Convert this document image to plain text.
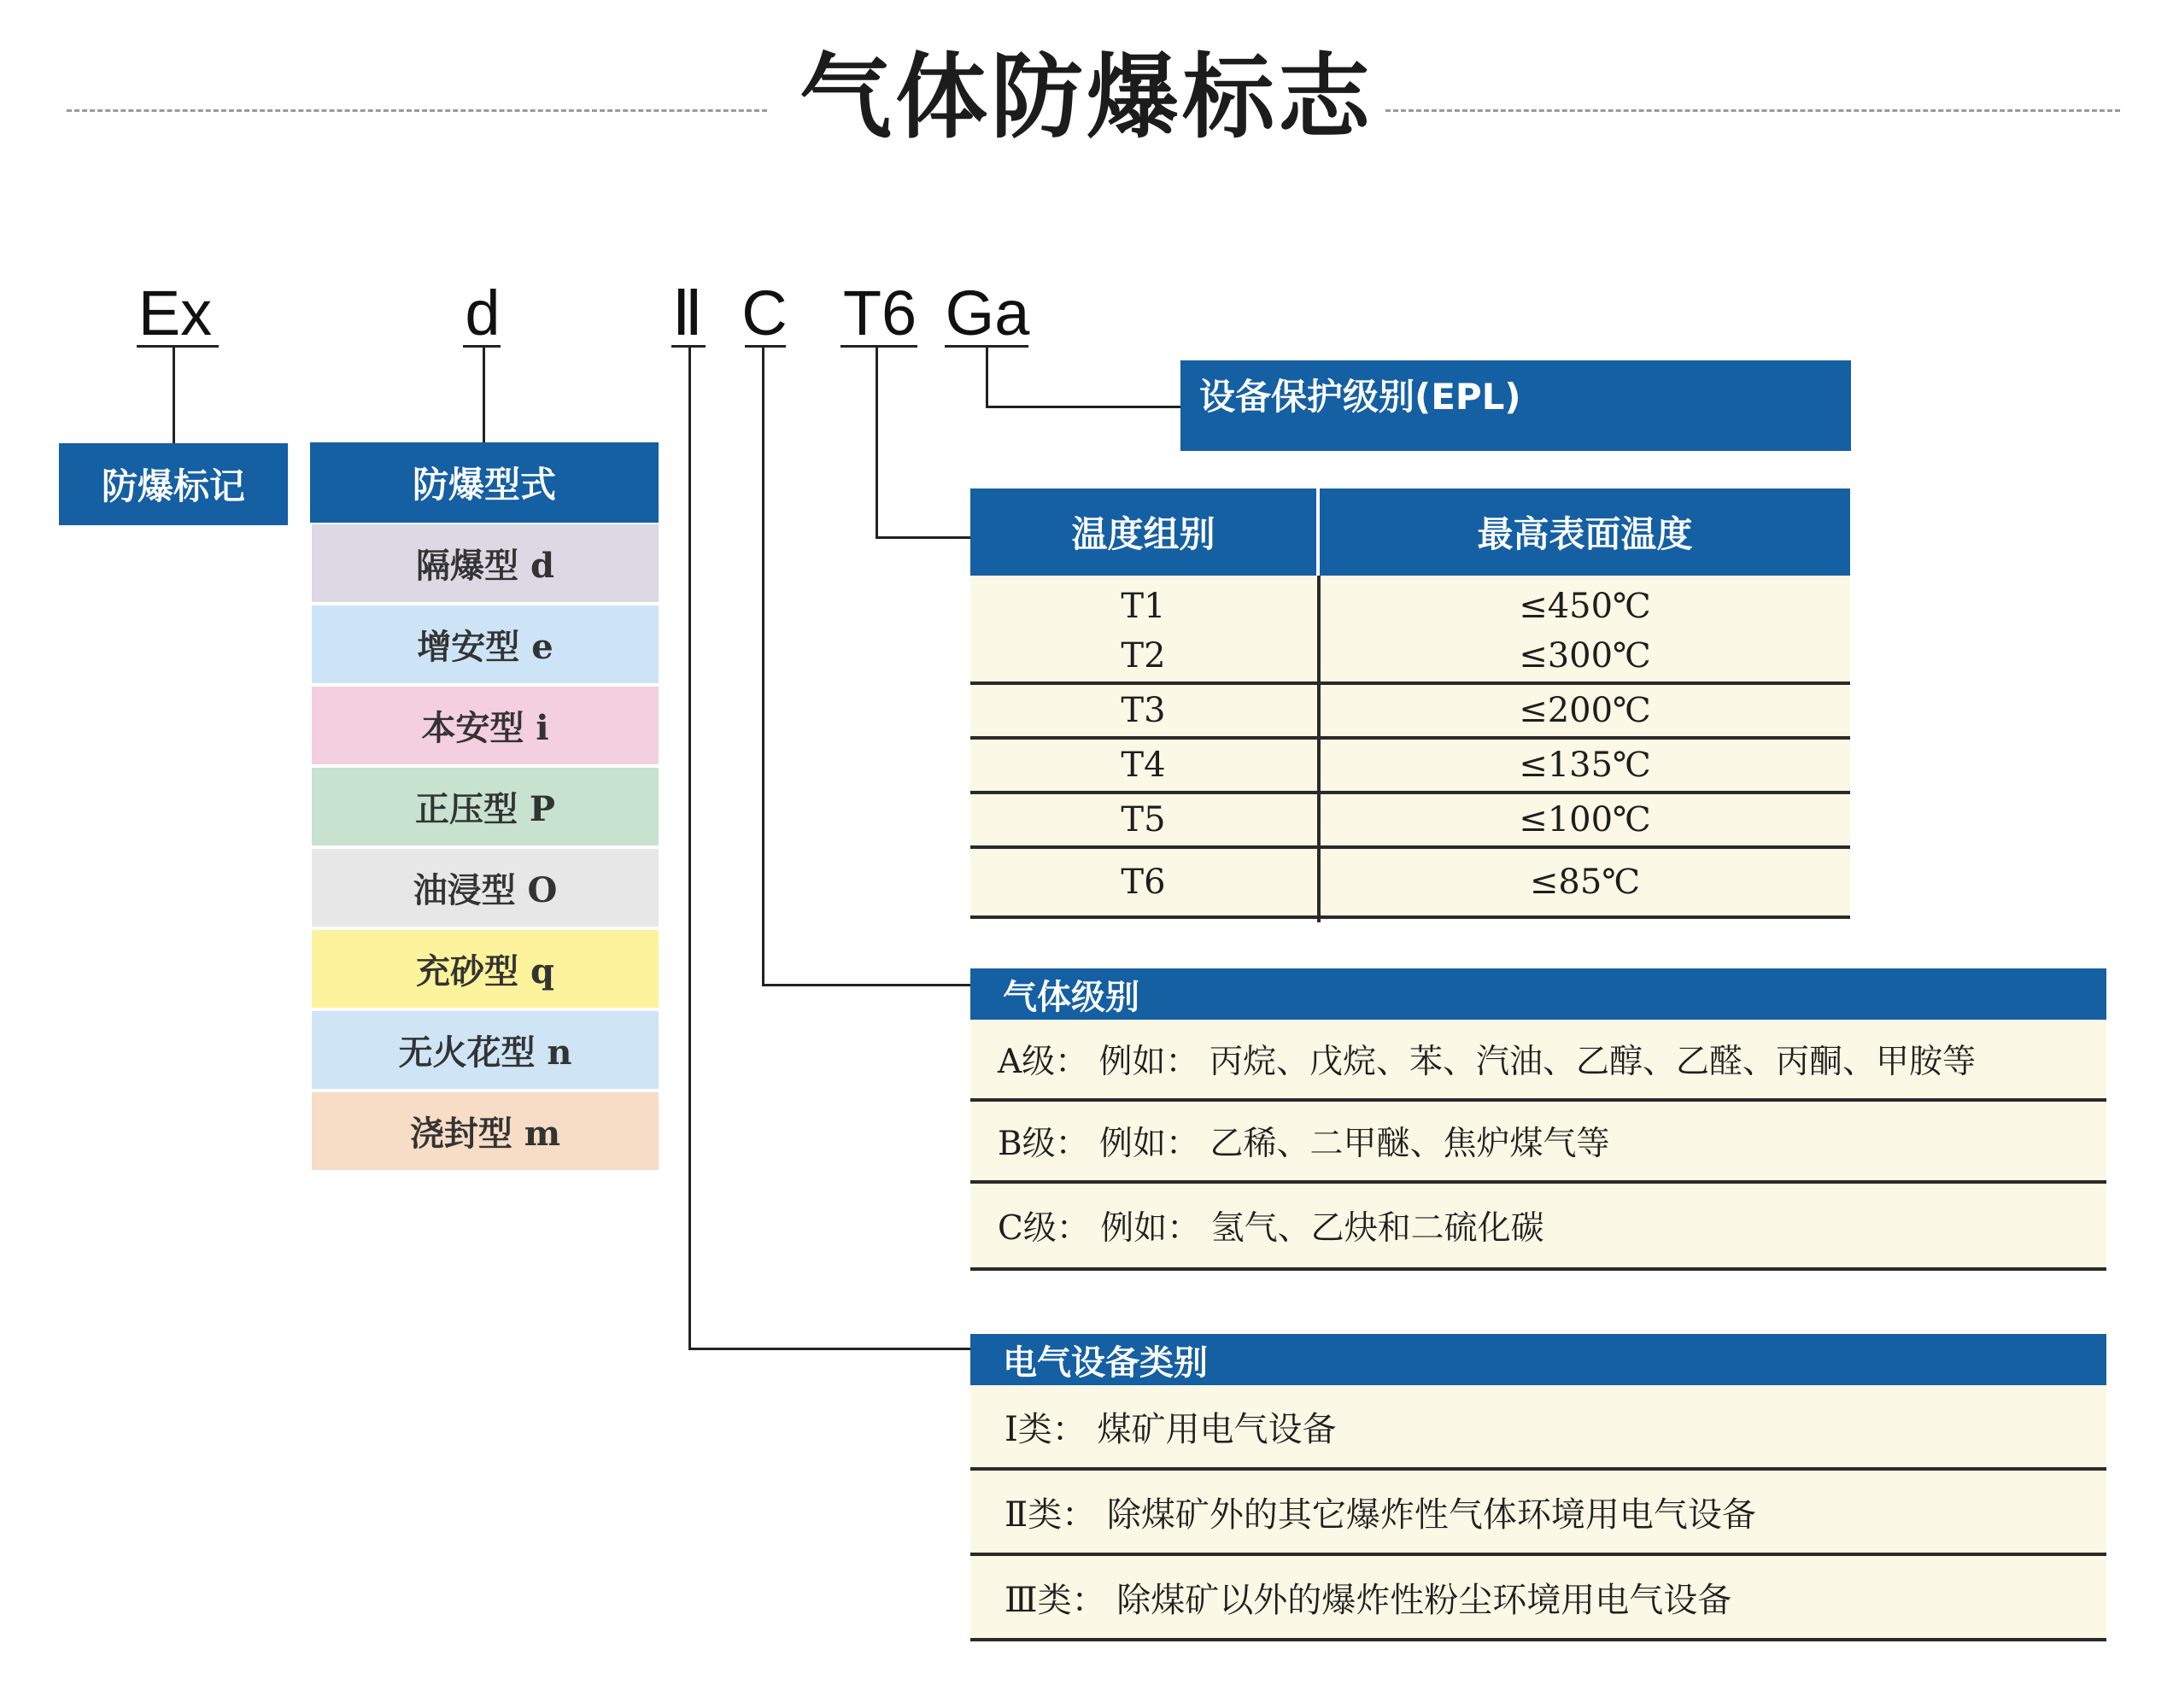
气体防爆标志
Ex	d	Ⅱ C T6 Ga
防爆标记	防爆型式
隔爆型 d
增安型 e
本安型 i
正压型 P
油浸型 O
充砂型 q
无火花型 n
浇封型 m
设备保护级别(EPL)
温度组别	最高表面温度
T1	≤450℃
T2	≤300℃
T3	≤200℃
T4	≤135℃
T5	≤100℃
T6	≤85℃
气体级别
A级： 例如： 丙烷、戊烷、苯、汽油、乙醇、乙醛、丙酮、甲胺等
B级： 例如： 乙稀、二甲醚、焦炉煤气等
C级： 例如： 氢气、乙炔和二硫化碳
电气设备类别
Ⅰ类： 煤矿用电气设备
Ⅱ类： 除煤矿外的其它爆炸性气体环境用电气设备
Ⅲ类： 除煤矿以外的爆炸性粉尘环境用电气设备
